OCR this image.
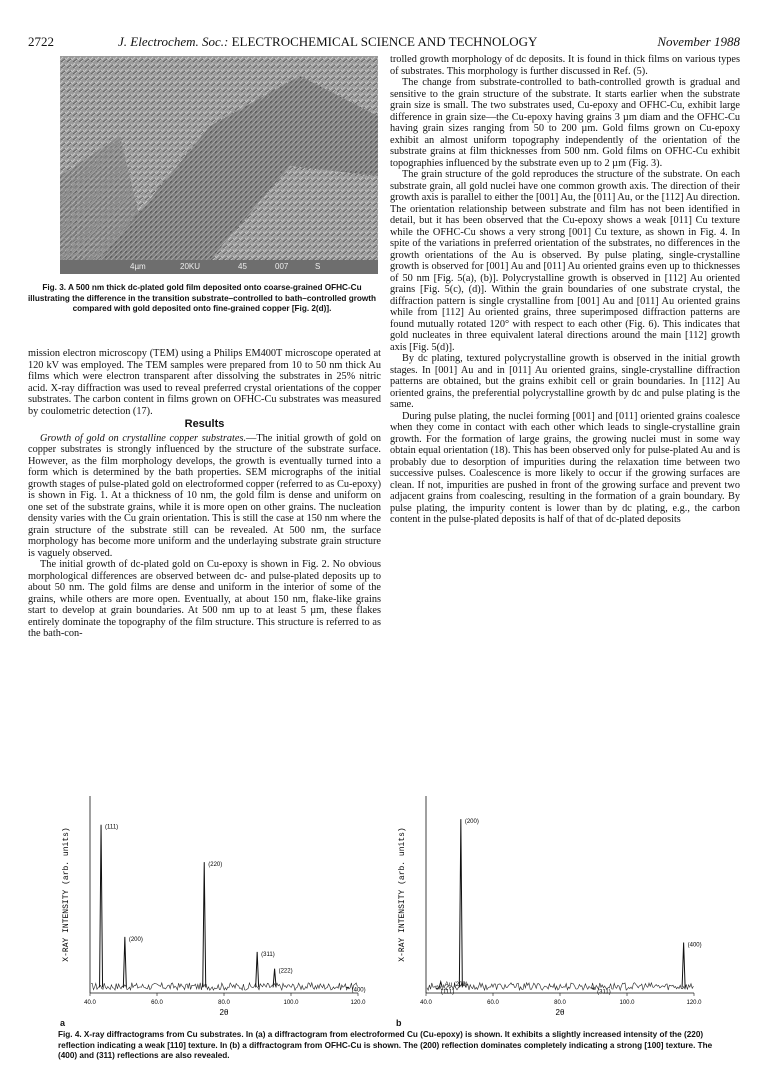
2722	J. Electrochem. Soc.: ELECTROCHEMICAL SCIENCE AND TECHNOLOGY	November 1988
4µm	20KU	45	007	S
Fig. 3. A 500 nm thick dc-plated gold film deposited onto coarse-grained OFHC-Cu illustrating the difference in the transition substrate–controlled to bath–controlled growth compared with gold deposited onto fine-grained copper [Fig. 2(d)].

mission electron microscopy (TEM) using a Philips EM400T microscope operated at 120 kV was employed. The TEM samples were prepared from 10 to 50 nm thick Au films which were electron transparent after dissolving the substrates in 25% nitric acid. X-ray diffraction was used to reveal preferred crystal orientations of the copper substrates. The carbon content in films grown on OFHC-Cu substrates was measured by coulometric detection (17).

Results

Growth of gold on crystalline copper substrates.—The initial growth of gold on copper substrates is strongly influenced by the structure of the substrate surface. However, as the film morphology develops, the growth is eventually turned into a form which is determined by the bath properties. SEM micrographs of the initial growth stages of pulse-plated gold on electroformed copper (referred to as Cu-epoxy) is shown in Fig. 1. At a thickness of 10 nm, the gold film is dense and uniform on one set of the substrate grains, while it is more open on other grains. The nucleation density varies with the Cu grain orientation. This is still the case at 150 nm where the grain structure of the substrate still can be revealed. At 500 nm, the surface morphology has become more uniform and the underlaying substrate grain structure is vaguely observed.

The initial growth of dc-plated gold on Cu-epoxy is shown in Fig. 2. No obvious morphological differences are observed between dc- and pulse-plated deposits up to about 50 nm. The gold films are dense and uniform in the interior of some of the grains, while others are more open. Eventually, at about 150 nm, flake-like grains start to develop at grain boundaries. At 500 nm up to at least 5 µm, these flakes entirely dominate the topography of the film structure. This structure is referred to as the bath-con-

trolled growth morphology of dc deposits. It is found in thick films on various types of substrates. This morphology is further discussed in Ref. (5).

The change from substrate-controlled to bath-controlled growth is gradual and sensitive to the grain structure of the substrate. It starts earlier when the substrate grain size is small. The two substrates used, Cu-epoxy and OFHC-Cu, exhibit large difference in grain size—the Cu-epoxy having grains 3 µm diam and the OFHC-Cu having grain sizes ranging from 50 to 200 µm. Gold films grown on Cu-epoxy exhibit an almost uniform topography independently of the orientation of the substrate grains at film thicknesses from 500 nm. Gold films on OFHC-Cu exhibit topographies influenced by the substrate even up to 2 µm (Fig. 3).

The grain structure of the gold reproduces the structure of the substrate. On each substrate grain, all gold nuclei have one common growth axis. The direction of their growth axis is parallel to either the [001] Au, the [011] Au, or the [112] Au direction. The orientation relationship between substrate and film has not been identified in detail, but it has been observed that the Cu-epoxy shows a weak [011] Cu texture while the OFHC-Cu shows a very strong [001] Cu texture, as shown in Fig. 4. In spite of the variations in preferred orientation of the substrates, no differences in the growth orientations of the Au is observed. By pulse plating, single-crystalline growth is observed for [001] Au and [011] Au oriented grains even up to thicknesses of 50 nm [Fig. 5(a), (b)]. Polycrystalline growth is observed in [112] Au oriented grains [Fig. 5(c), (d)]. Within the grain boundaries of one substrate crystal, the diffraction pattern is single crystalline from [001] Au and [011] Au oriented grains while from [112] Au oriented grains, three superimposed diffraction patterns are found mutually rotated 120° with respect to each other (Fig. 6). This indicates that gold nucleates in three equivalent lateral directions around the main [112] growth axis [Fig. 5(d)].

By dc plating, textured polycrystalline growth is observed in the initial growth stages. In [001] Au and in [011] Au oriented grains, single-crystalline diffraction patterns are obtained, but the grains exhibit cell or grain boundaries. In [112] Au oriented grains, the preferential polycrystalline growth by dc and pulse plating is the same.

During pulse plating, the nuclei forming [001] and [011] oriented grains coalesce when they come in contact with each other which leads to single-crystalline grain growth. For the formation of large grains, the growing nuclei must in some way obtain equal orientation (18). This has been observed only for pulse-plated Au and is probably due to desorption of impurities during the relaxation time between two successive pulses. Coalescence is more likely to occur if the growing surfaces are clean. If not, impurities are pushed in front of the growing surface and prevent two adjacent grains from coalescing, resulting in the formation of a grain boundary. By pulse plating, the impurity content is lower than by dc plating, e.g., the carbon content in the pulse-plated deposits is half of that of dc-plated deposits

X-RAY INTENSITY (arb. units)
40.0	60.0	80.0	100.0	120.0
2θ
(111)
(200)
(220)
(311)
(222)
(400)
a
X-RAY INTENSITY (arb. units)
40.0	60.0	80.0	100.0	120.0
2θ
(111)
Au (200)
(200)
(311)
(400)
b
Fig. 4. X-ray diffractograms from Cu substrates. In (a) a diffractogram from electroformed Cu (Cu-epoxy) is shown. It exhibits a slightly increased intensity of the (220) reflection indicating a weak [110] texture. In (b) a diffractogram from OFHC-Cu is shown. The (200) reflection dominates completely indicating a strong [100] texture. The (400) and (311) reflections are also revealed.
